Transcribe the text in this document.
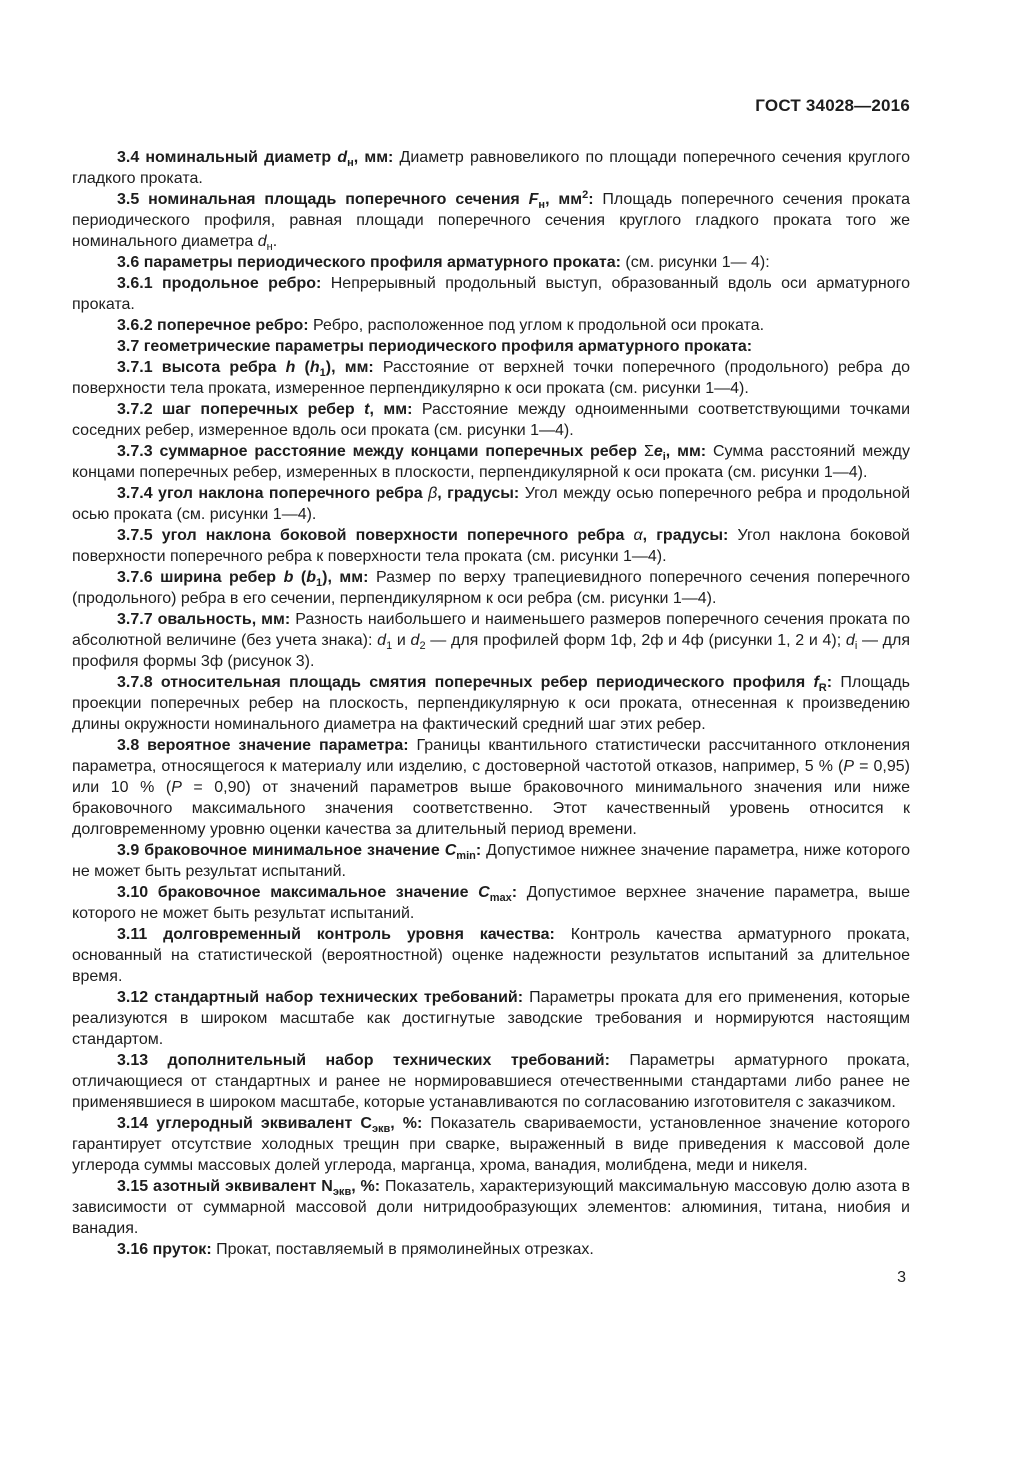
ГОСТ 34028—2016
3.4 номинальный диаметр $d_н$, мм: Диаметр равновеликого по площади поперечного сечения круглого гладкого проката.
3.5 номинальная площадь поперечного сечения $F_н$, $мм^2$: Площадь поперечного сечения проката периодического профиля, равная площади поперечного сечения круглого гладкого проката того же номинального диаметра $d_н$.
3.6 параметры периодического профиля арматурного проката: (см. рисунки 1— 4):
3.6.1 продольное ребро: Непрерывный продольный выступ, образованный вдоль оси арматурного проката.
3.6.2 поперечное ребро: Ребро, расположенное под углом к продольной оси проката.
3.7 геометрические параметры периодического профиля арматурного проката:
3.7.1 высота ребра h $(h_1)$, мм: Расстояние от верхней точки поперечного (продольного) ребра до поверхности тела проката, измеренное перпендикулярно к оси проката (см. рисунки 1—4).
3.7.2 шаг поперечных ребер t, мм: Расстояние между одноименными соответствующими точками соседних ребер, измеренное вдоль оси проката (см. рисунки 1—4).
3.7.3 суммарное расстояние между концами поперечных ребер $\Sigma e_i$, мм: Сумма расстояний между концами поперечных ребер, измеренных в плоскости, перпендикулярной к оси проката (см. рисунки 1—4).
3.7.4 угол наклона поперечного ребра β, градусы: Угол между осью поперечного ребра и продольной осью проката (см. рисунки 1—4).
3.7.5 угол наклона боковой поверхности поперечного ребра α, градусы: Угол наклона боковой поверхности поперечного ребра к поверхности тела проката (см. рисунки 1—4).
3.7.6 ширина ребер b $(b_1)$, мм: Размер по верху трапециевидного поперечного сечения поперечного (продольного) ребра в его сечении, перпендикулярном к оси ребра (см. рисунки 1—4).
3.7.7 овальность, мм: Разность наибольшего и наименьшего размеров поперечного сечения проката по абсолютной величине (без учета знака): $d_1$ и $d_2$ — для профилей форм 1ф, 2ф и 4ф (рисунки 1, 2 и 4); $d_i$ — для профиля формы 3ф (рисунок 3).
3.7.8 относительная площадь смятия поперечных ребер периодического профиля $f_R$: Площадь проекции поперечных ребер на плоскость, перпендикулярную к оси проката, отнесенная к произведению длины окружности номинального диаметра на фактический средний шаг этих ребер.
3.8 вероятное значение параметра: Границы квантильного статистически рассчитанного отклонения параметра, относящегося к материалу или изделию, с достоверной частотой отказов, например, 5 % (P = 0,95) или 10 % (P = 0,90) от значений параметров выше браковочного минимального значения или ниже браковочного максимального значения соответственно. Этот качественный уровень относится к долговременному уровню оценки качества за длительный период времени.
3.9 браковочное минимальное значение $C_{min}$: Допустимое нижнее значение параметра, ниже которого не может быть результат испытаний.
3.10 браковочное максимальное значение $C_{max}$: Допустимое верхнее значение параметра, выше которого не может быть результат испытаний.
3.11 долговременный контроль уровня качества: Контроль качества арматурного проката, основанный на статистической (вероятностной) оценке надежности результатов испытаний за длительное время.
3.12 стандартный набор технических требований: Параметры проката для его применения, которые реализуются в широком масштабе как достигнутые заводские требования и нормируются настоящим стандартом.
3.13 дополнительный набор технических требований: Параметры арматурного проката, отличающиеся от стандартных и ранее не нормировавшиеся отечественными стандартами либо ранее не применявшиеся в широком масштабе, которые устанавливаются по согласованию изготовителя с заказчиком.
3.14 углеродный эквивалент $С_{экв}$, %: Показатель свариваемости, установленное значение которого гарантирует отсутствие холодных трещин при сварке, выраженный в виде приведения к массовой доле углерода суммы массовых долей углерода, марганца, хрома, ванадия, молибдена, меди и никеля.
3.15 азотный эквивалент $N_{экв}$, %: Показатель, характеризующий максимальную массовую долю азота в зависимости от суммарной массовой доли нитридообразующих элементов: алюминия, титана, ниобия и ванадия.
3.16 пруток: Прокат, поставляемый в прямолинейных отрезках.
3
